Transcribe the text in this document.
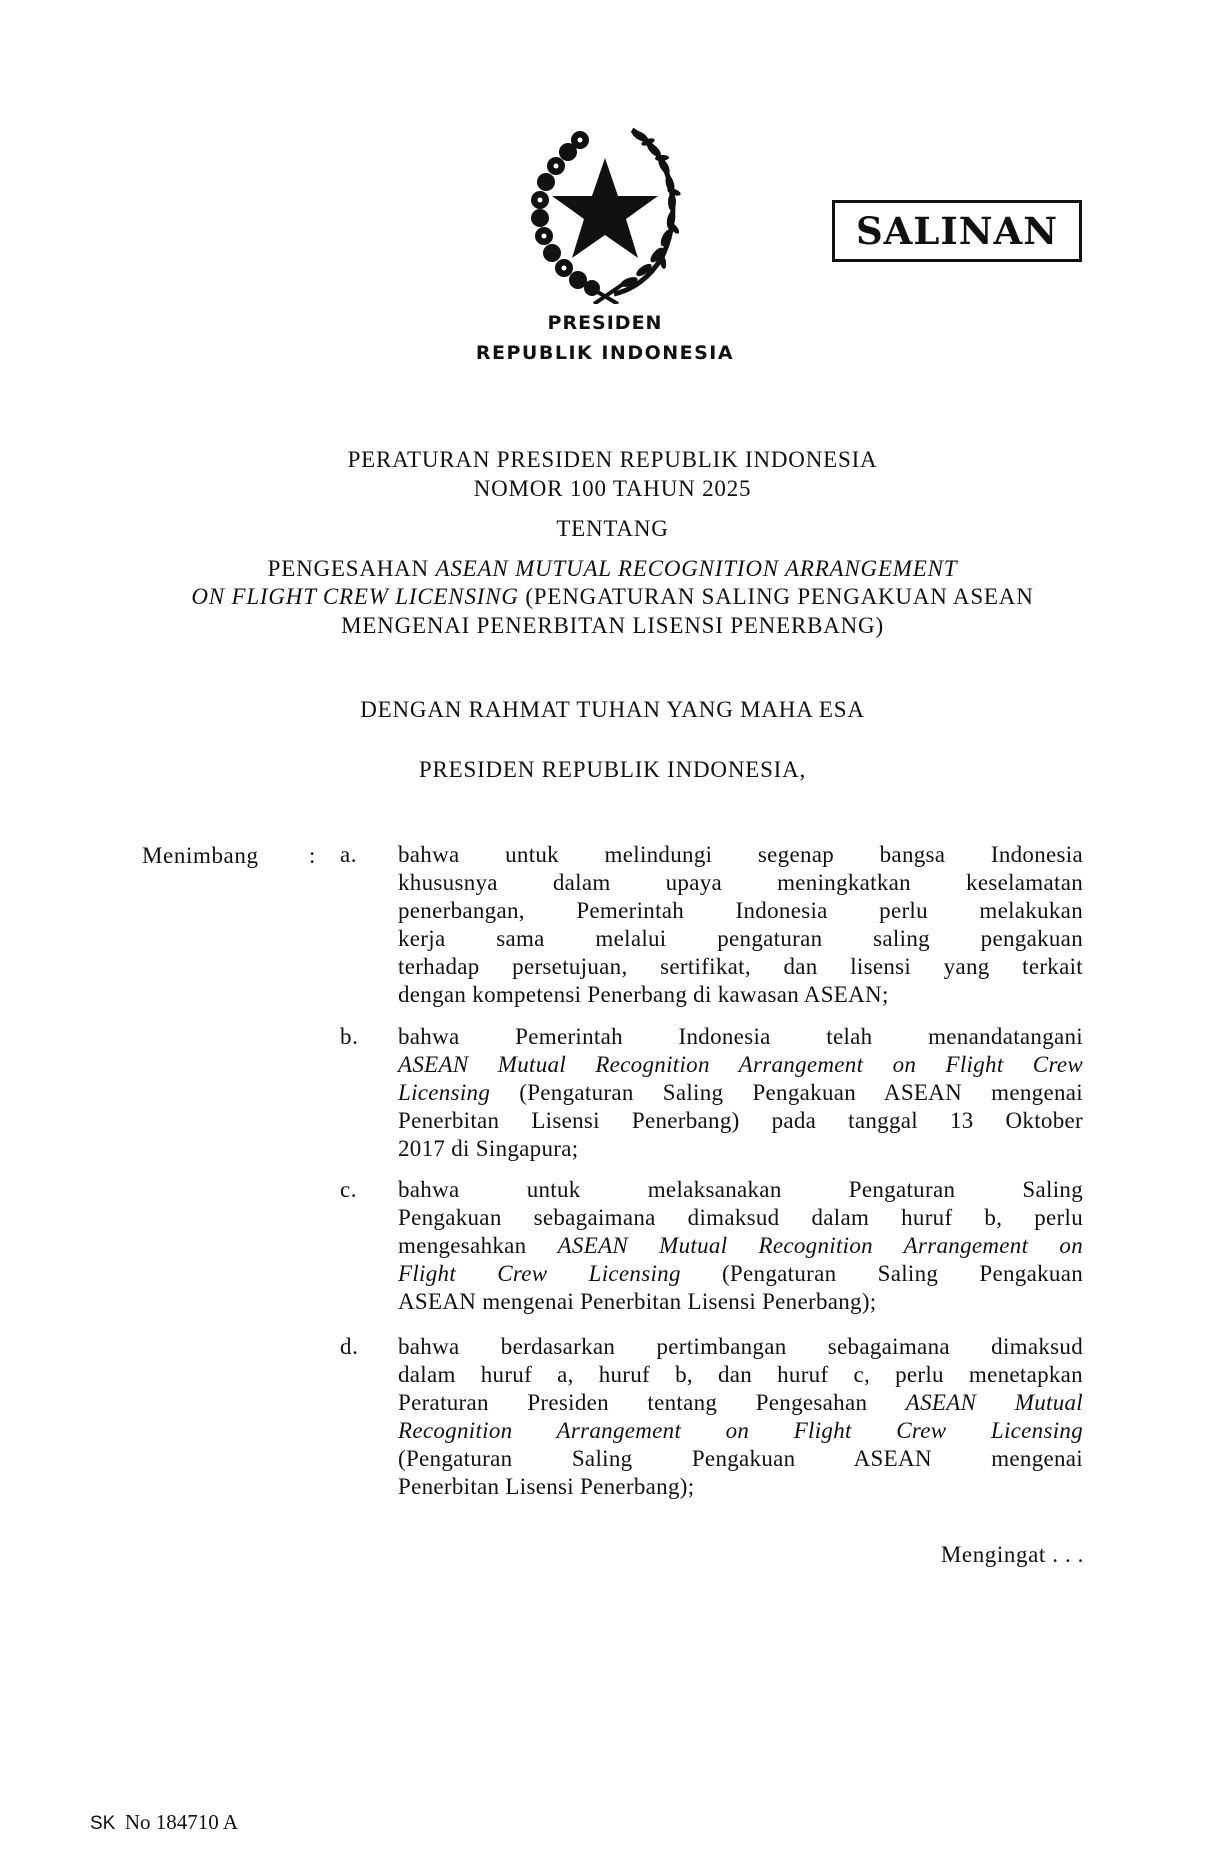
SALINAN
PRESIDEN
REPUBLIK INDONESIA
PERATURAN PRESIDEN REPUBLIK INDONESIA
NOMOR 100 TAHUN 2025
TENTANG
PENGESAHAN ASEAN MUTUAL RECOGNITION ARRANGEMENT
ON FLIGHT CREW LICENSING (PENGATURAN SALING PENGAKUAN ASEAN
MENGENAI PENERBITAN LISENSI PENERBANG)
DENGAN RAHMAT TUHAN YANG MAHA ESA
PRESIDEN REPUBLIK INDONESIA,
Menimbang : a. bahwa untuk melindungi segenap bangsa Indonesia
khususnya dalam upaya meningkatkan keselamatan
penerbangan, Pemerintah Indonesia perlu melakukan
kerja sama melalui pengaturan saling pengakuan
terhadap persetujuan, sertifikat, dan lisensi yang terkait
dengan kompetensi Penerbang di kawasan ASEAN;
b. bahwa Pemerintah Indonesia telah menandatangani
ASEAN Mutual Recognition Arrangement on Flight Crew
Licensing (Pengaturan Saling Pengakuan ASEAN mengenai
Penerbitan Lisensi Penerbang) pada tanggal 13 Oktober
2017 di Singapura;
c. bahwa untuk melaksanakan Pengaturan Saling
Pengakuan sebagaimana dimaksud dalam huruf b, perlu
mengesahkan ASEAN Mutual Recognition Arrangement on
Flight Crew Licensing (Pengaturan Saling Pengakuan
ASEAN mengenai Penerbitan Lisensi Penerbang);
d. bahwa berdasarkan pertimbangan sebagaimana dimaksud
dalam huruf a, huruf b, dan huruf c, perlu menetapkan
Peraturan Presiden tentang Pengesahan ASEAN Mutual
Recognition Arrangement on Flight Crew Licensing
(Pengaturan Saling Pengakuan ASEAN mengenai
Penerbitan Lisensi Penerbang);
Mengingat . . .
SK No 184710 A
